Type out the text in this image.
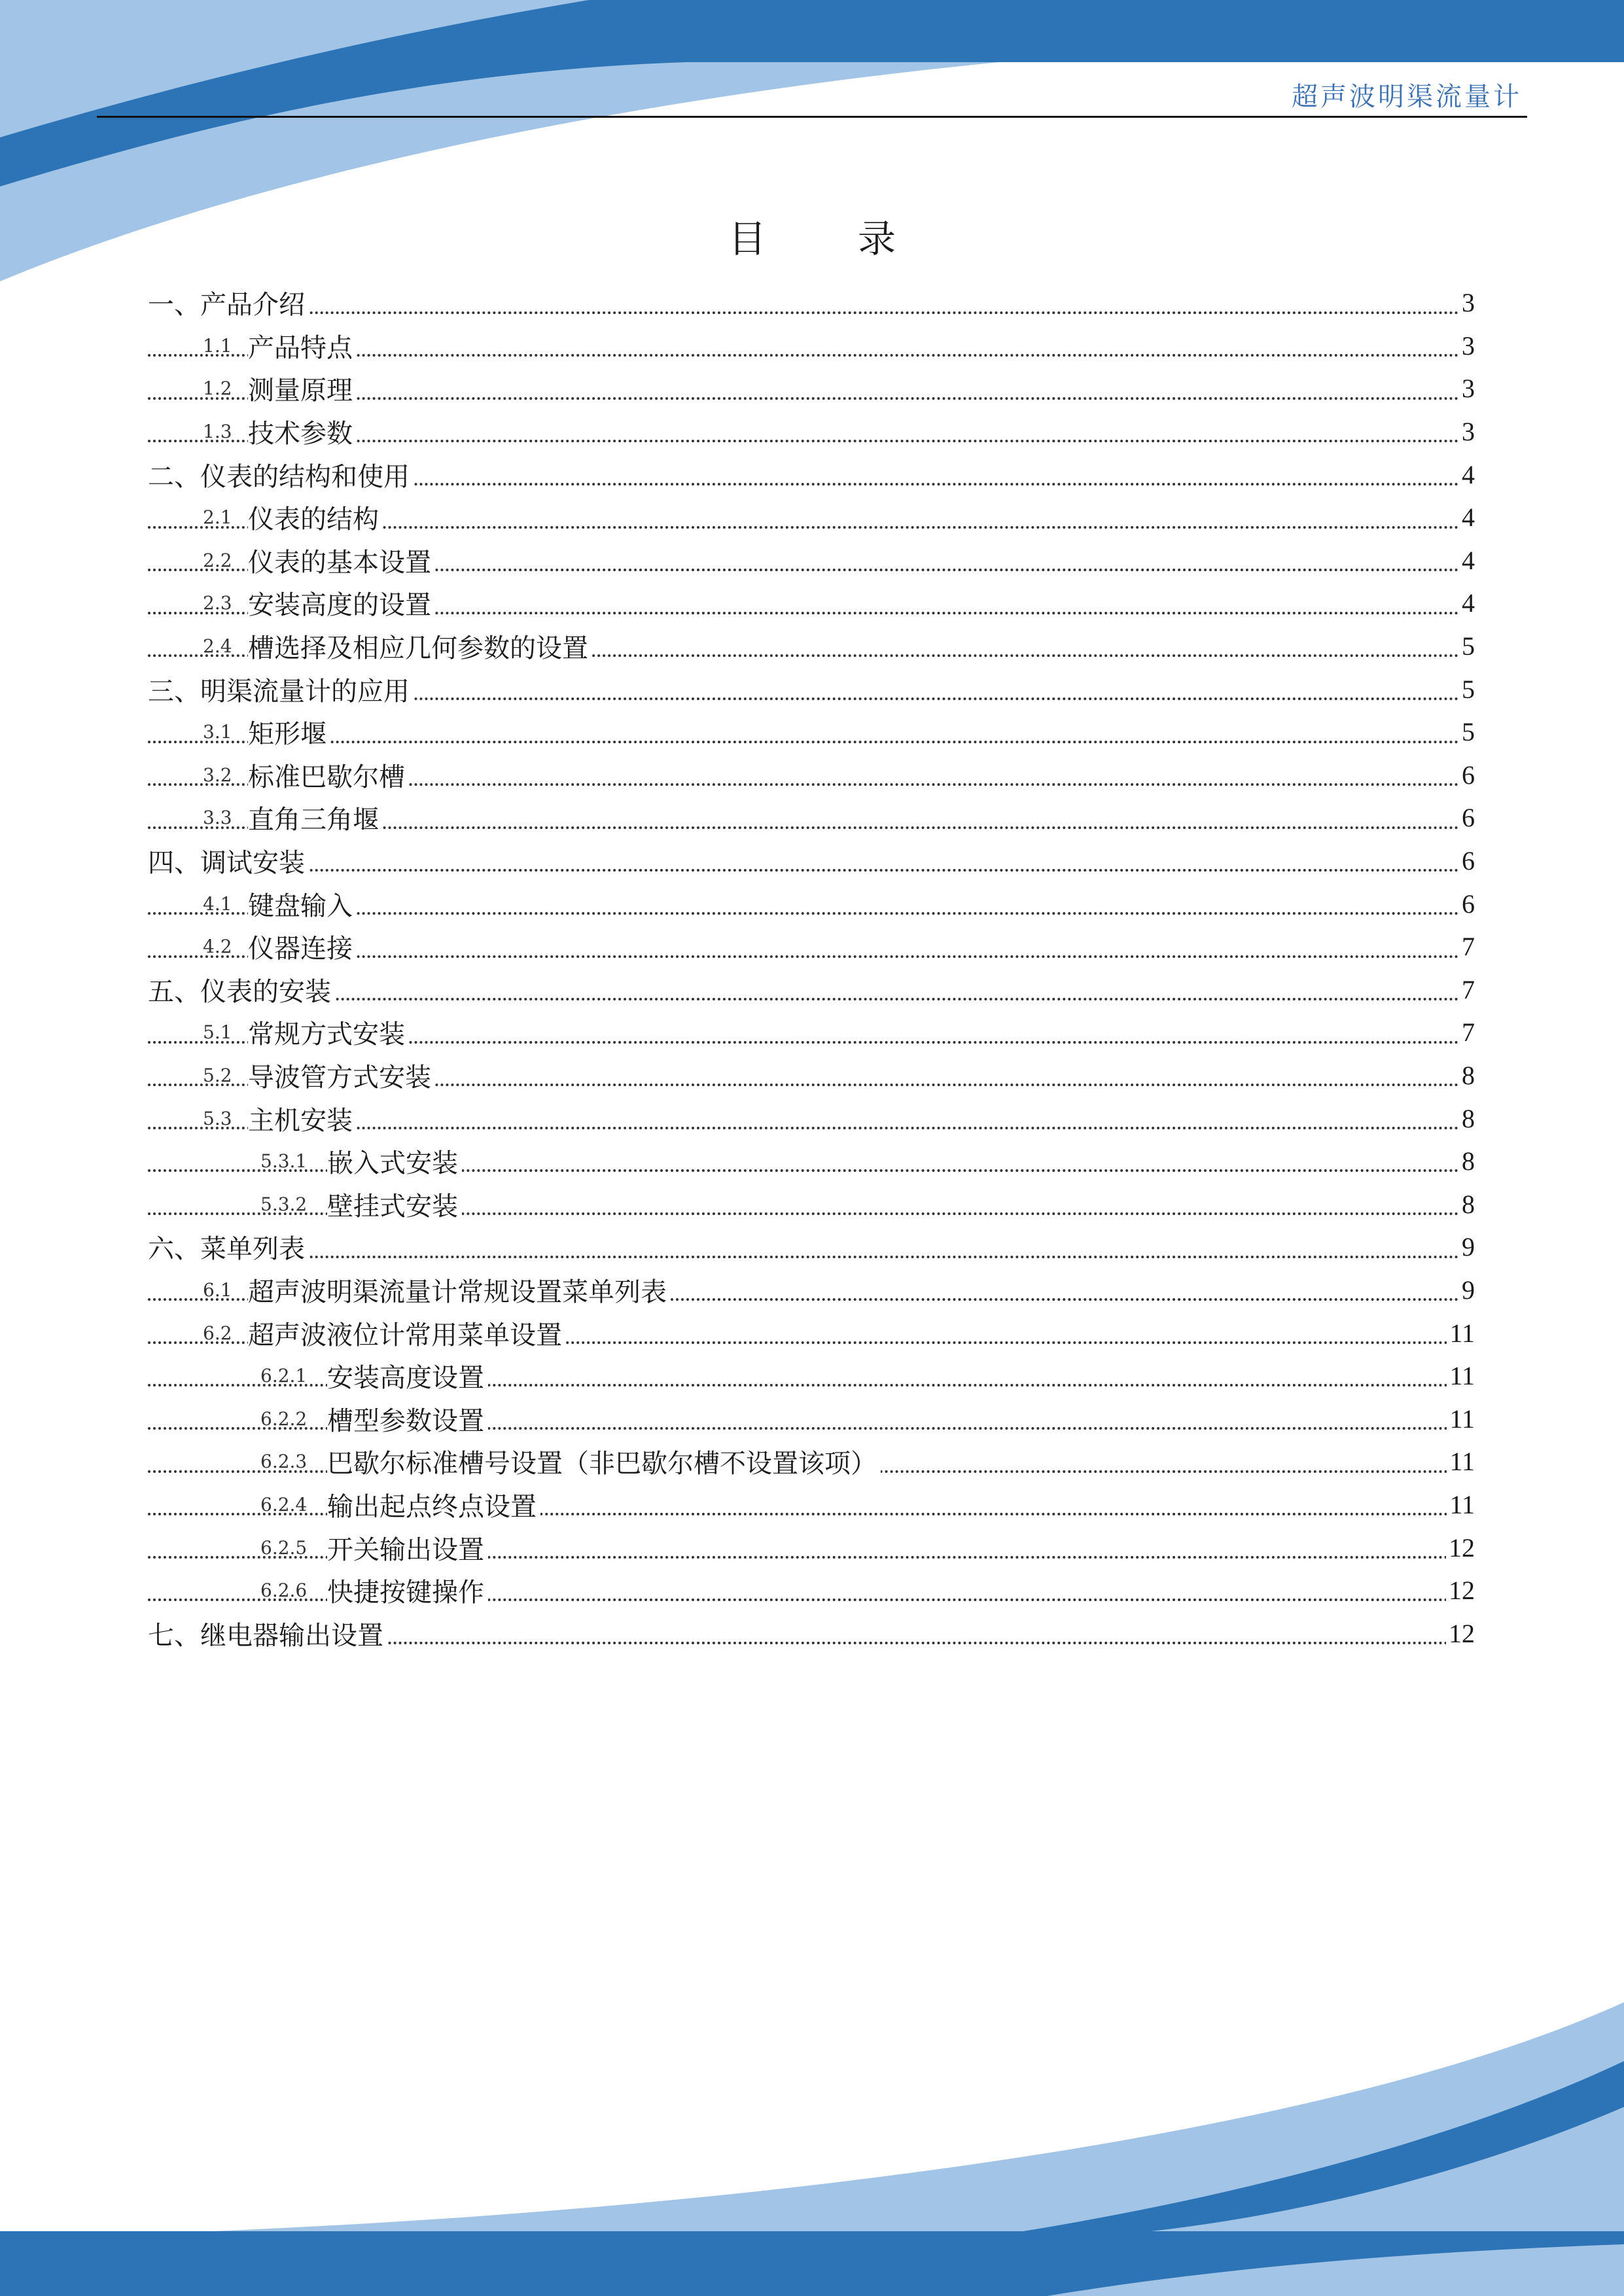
超声波明渠流量计
目 录
一、产品介绍	3
1.1 产品特点	3
1.2 测量原理	3
1.3 技术参数	3
二、仪表的结构和使用	4
2.1 仪表的结构	4
2.2 仪表的基本设置	4
2.3 安装高度的设置	4
2.4 槽选择及相应几何参数的设置	5
三、明渠流量计的应用	5
3.1 矩形堰	5
3.2 标准巴歇尔槽	6
3.3 直角三角堰	6
四、调试安装	6
4.1 键盘输入	6
4.2 仪器连接	7
五、仪表的安装	7
5.1 常规方式安装	7
5.2 导波管方式安装	8
5.3 主机安装	8
5.3.1 嵌入式安装	8
5.3.2 壁挂式安装	8
六、菜单列表	9
6.1 超声波明渠流量计常规设置菜单列表	9
6.2 超声波液位计常用菜单设置	11
6.2.1 安装高度设置	11
6.2.2 槽型参数设置	11
6.2.3 巴歇尔标准槽号设置（非巴歇尔槽不设置该项）	11
6.2.4 输出起点终点设置	11
6.2.5 开关输出设置	12
6.2.6 快捷按键操作	12
七、继电器输出设置	12
